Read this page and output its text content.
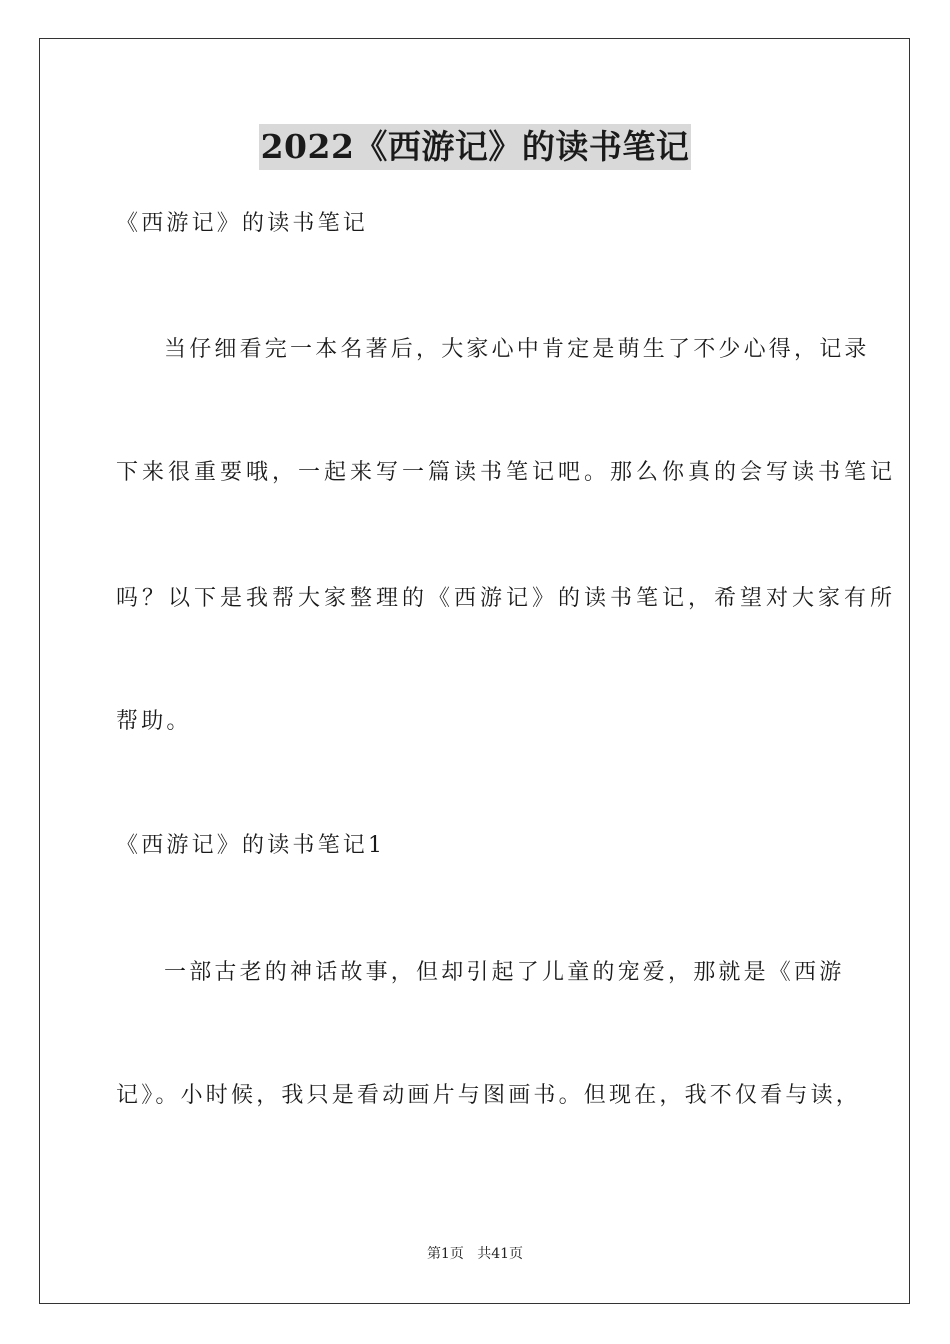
2022《西游记》的读书笔记
《西游记》的读书笔记
当仔细看完一本名著后，大家心中肯定是萌生了不少心得，记录
下来很重要哦，一起来写一篇读书笔记吧。那么你真的会写读书笔记
吗？以下是我帮大家整理的《西游记》的读书笔记，希望对大家有所
帮助。
《西游记》的读书笔记1
一部古老的神话故事，但却引起了儿童的宠爱，那就是《西游
记》。小时候，我只是看动画片与图画书。但现在，我不仅看与读，
第1页 共41页
